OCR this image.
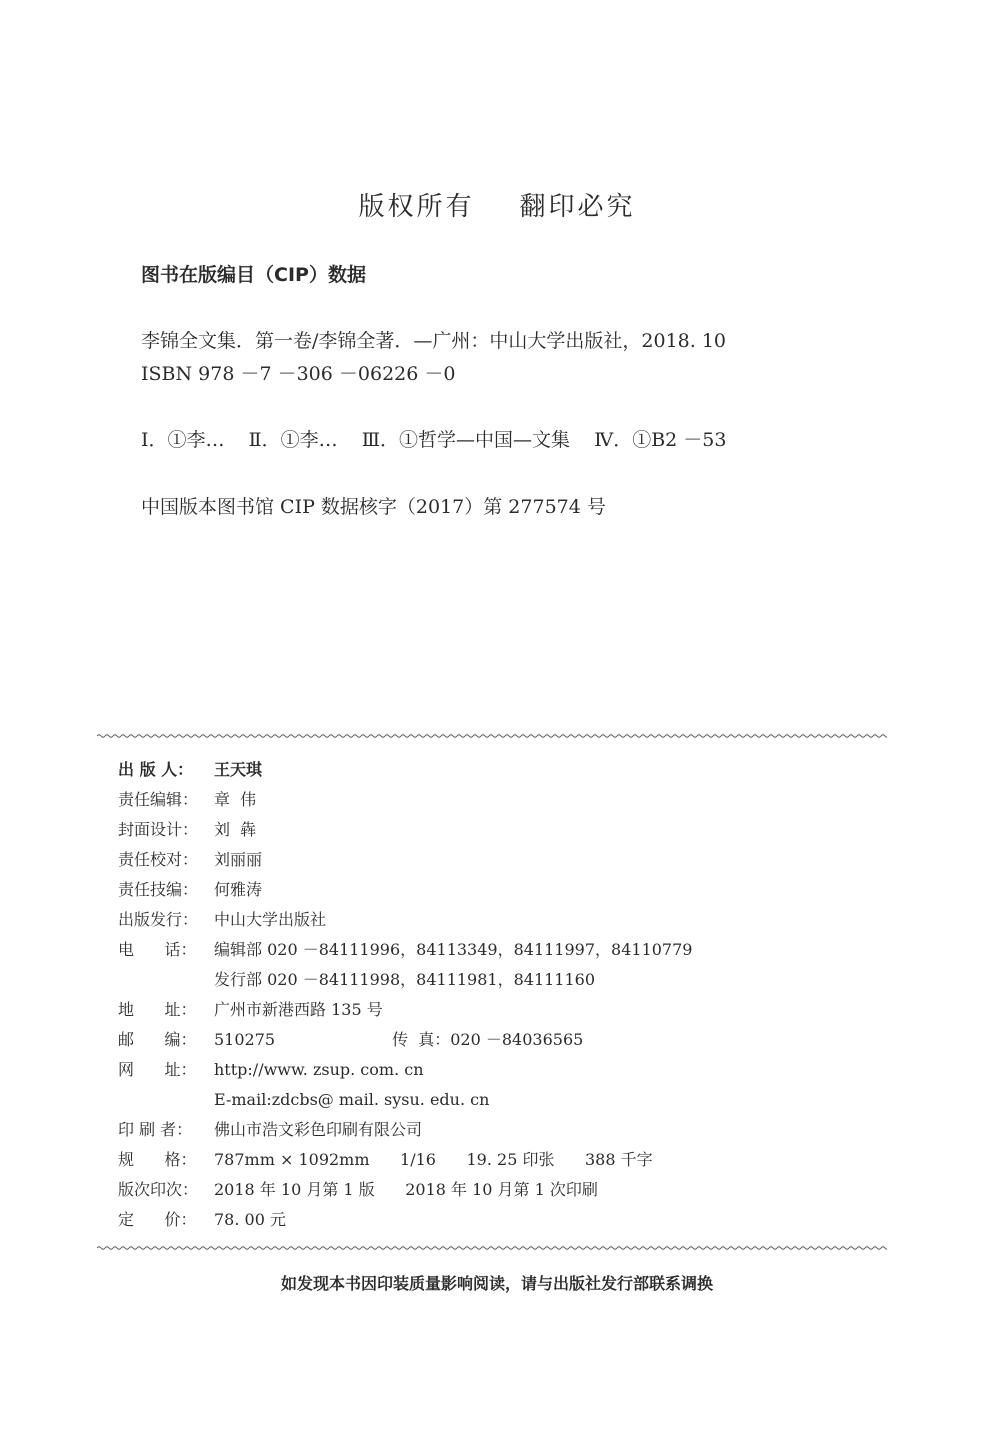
版权所有    翻印必究
图书在版编目（CIP）数据
李锦全文集．第一卷/李锦全著．—广州：中山大学出版社，2018. 10
ISBN 978 －7 －306 －06226 －0
Ⅰ．①李…    Ⅱ．①李…    Ⅲ．①哲学—中国—文集    Ⅳ．①B2 －53
中国版本图书馆 CIP 数据核字（2017）第 277574 号
出 版 人：	王天琪
责任编辑： 章  伟
封面设计： 刘  犇
责任校对： 刘丽丽
责任技编： 何雅涛
出版发行： 中山大学出版社
电      话：	编辑部 020 －84111996，84113349，84111997，84110779
发行部 020 －84111998，84111981，84111160
地      址：	广州市新港西路 135 号
邮      编：	510275	传  真：020 －84036565
网      址：	http://www. zsup. com. cn
E-mail:zdcbs@ mail. sysu. edu. cn
印 刷 者：	佛山市浩文彩色印刷有限公司
规      格：	787mm × 1092mm      1/16      19. 25 印张      388 千字
版次印次： 2018 年 10 月第 1 版      2018 年 10 月第 1 次印刷
定      价：	78. 00 元
如发现本书因印装质量影响阅读，请与出版社发行部联系调换
